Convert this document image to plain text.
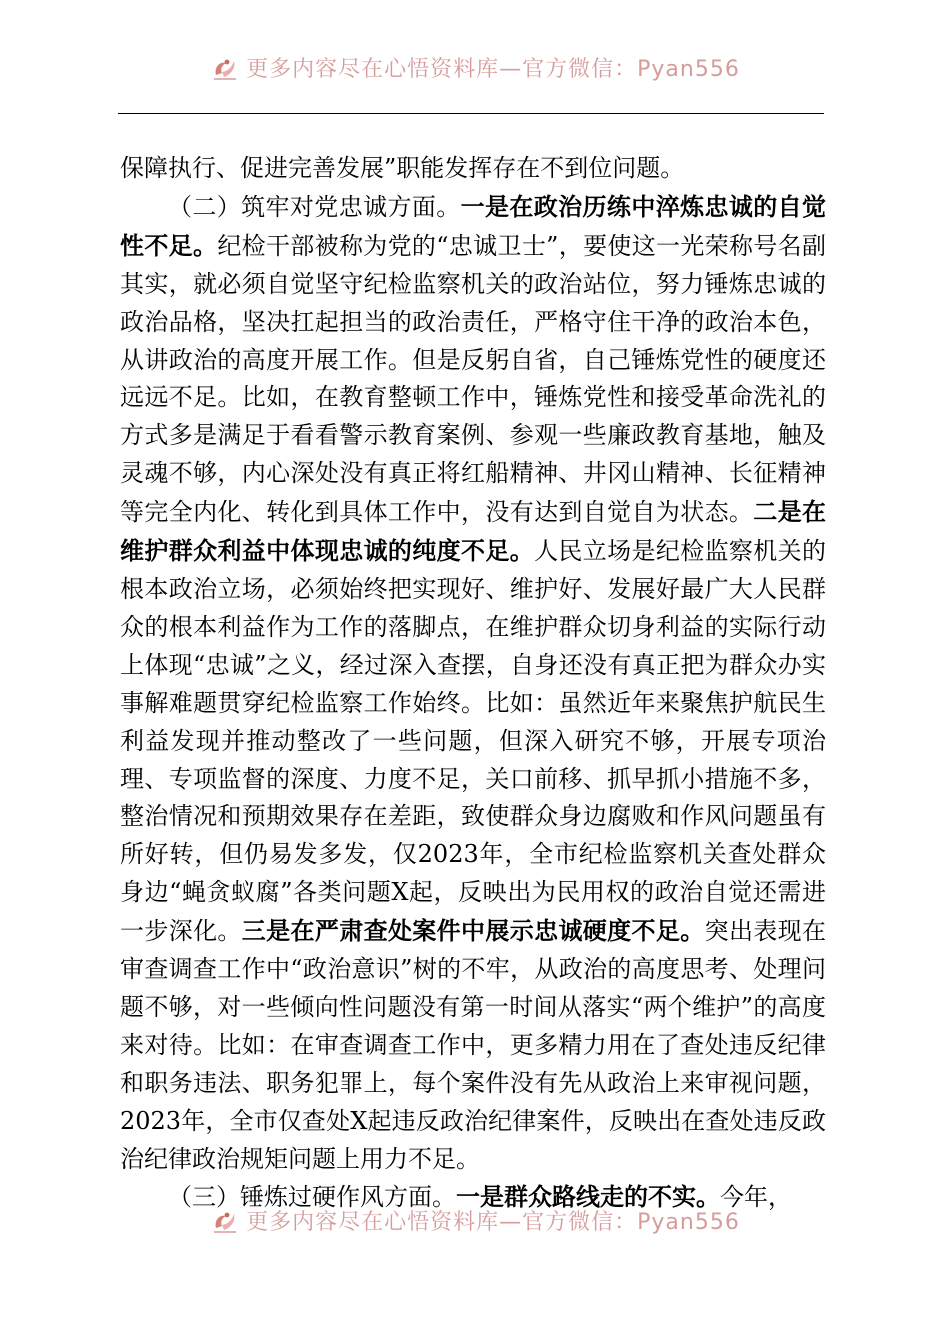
更多内容尽在心悟资料库—官方微信：Pyan556

保障执行、促进完善发展”职能发挥存在不到位问题。

（二）筑牢对党忠诚方面。一是在政治历练中淬炼忠诚的自觉性不足。纪检干部被称为党的“忠诚卫士”，要使这一光荣称号名副其实，就必须自觉坚守纪检监察机关的政治站位，努力锤炼忠诚的政治品格，坚决扛起担当的政治责任，严格守住干净的政治本色，从讲政治的高度开展工作。但是反躬自省，自己锤炼党性的硬度还远远不足。比如，在教育整顿工作中，锤炼党性和接受革命洗礼的方式多是满足于看看警示教育案例、参观一些廉政教育基地，触及灵魂不够，内心深处没有真正将红船精神、井冈山精神、长征精神等完全内化、转化到具体工作中，没有达到自觉自为状态。二是在维护群众利益中体现忠诚的纯度不足。人民立场是纪检监察机关的根本政治立场，必须始终把实现好、维护好、发展好最广大人民群众的根本利益作为工作的落脚点，在维护群众切身利益的实际行动上体现“忠诚”之义，经过深入查摆，自身还没有真正把为群众办实事解难题贯穿纪检监察工作始终。比如：虽然近年来聚焦护航民生利益发现并推动整改了一些问题，但深入研究不够，开展专项治理、专项监督的深度、力度不足，关口前移、抓早抓小措施不多，整治情况和预期效果存在差距，致使群众身边腐败和作风问题虽有所好转，但仍易发多发，仅2023年，全市纪检监察机关查处群众身边“蝇贪蚁腐”各类问题X起，反映出为民用权的政治自觉还需进一步深化。三是在严肃查处案件中展示忠诚硬度不足。突出表现在审查调查工作中“政治意识”树的不牢，从政治的高度思考、处理问题不够，对一些倾向性问题没有第一时间从落实“两个维护”的高度来对待。比如：在审查调查工作中，更多精力用在了查处违反纪律和职务违法、职务犯罪上，每个案件没有先从政治上来审视问题，2023年，全市仅查处X起违反政治纪律案件，反映出在查处违反政治纪律政治规矩问题上用力不足。

（三）锤炼过硬作风方面。一是群众路线走的不实。今年，

更多内容尽在心悟资料库—官方微信：Pyan556
